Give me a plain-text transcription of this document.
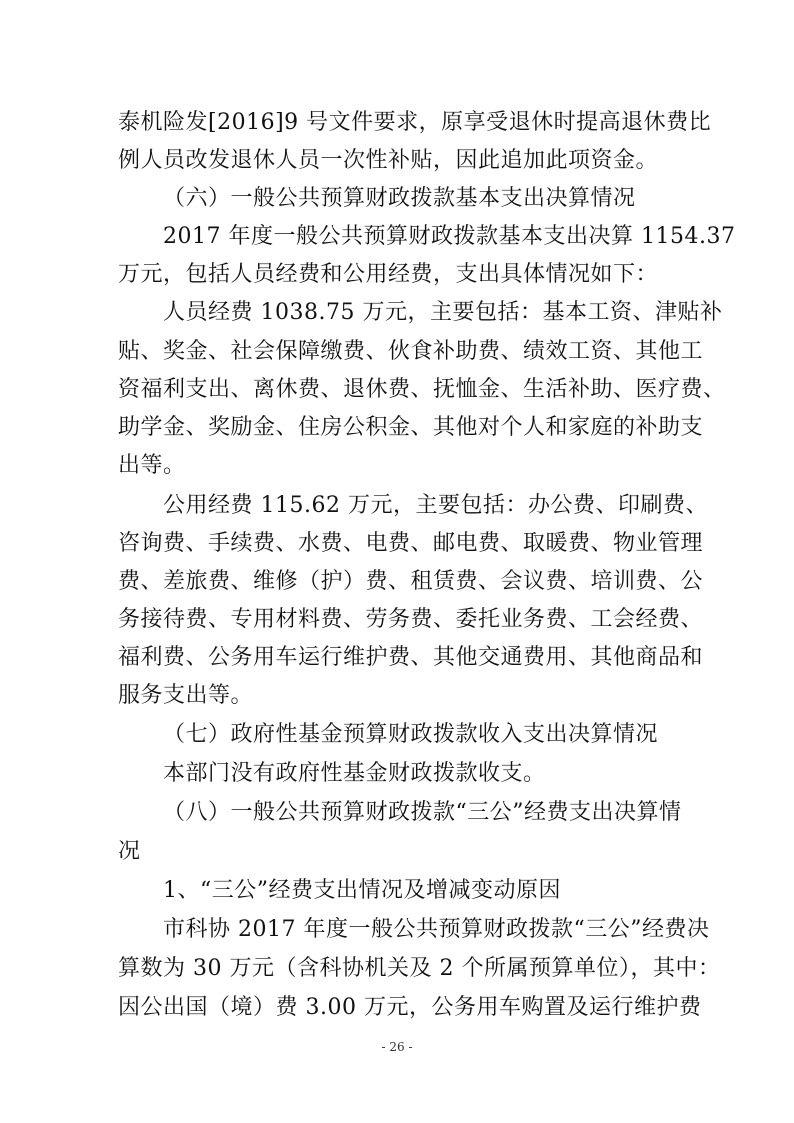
泰机险发[2016]9 号文件要求，原享受退休时提高退休费比
例人员改发退休人员一次性补贴，因此追加此项资金。
（六）一般公共预算财政拨款基本支出决算情况
2017 年度一般公共预算财政拨款基本支出决算 1154.37
万元，包括人员经费和公用经费，支出具体情况如下：
人员经费 1038.75 万元，主要包括：基本工资、津贴补
贴、奖金、社会保障缴费、伙食补助费、绩效工资、其他工
资福利支出、离休费、退休费、抚恤金、生活补助、医疗费、
助学金、奖励金、住房公积金、其他对个人和家庭的补助支
出等。
公用经费 115.62 万元，主要包括：办公费、印刷费、
咨询费、手续费、水费、电费、邮电费、取暖费、物业管理
费、差旅费、维修（护）费、租赁费、会议费、培训费、公
务接待费、专用材料费、劳务费、委托业务费、工会经费、
福利费、公务用车运行维护费、其他交通费用、其他商品和
服务支出等。
（七）政府性基金预算财政拨款收入支出决算情况
本部门没有政府性基金财政拨款收支。
（八）一般公共预算财政拨款“三公”经费支出决算情
况
1、“三公”经费支出情况及增减变动原因
市科协 2017 年度一般公共预算财政拨款“三公”经费决
算数为 30 万元（含科协机关及 2 个所属预算单位），其中：
因公出国（境）费 3.00 万元，公务用车购置及运行维护费
- 26 -
